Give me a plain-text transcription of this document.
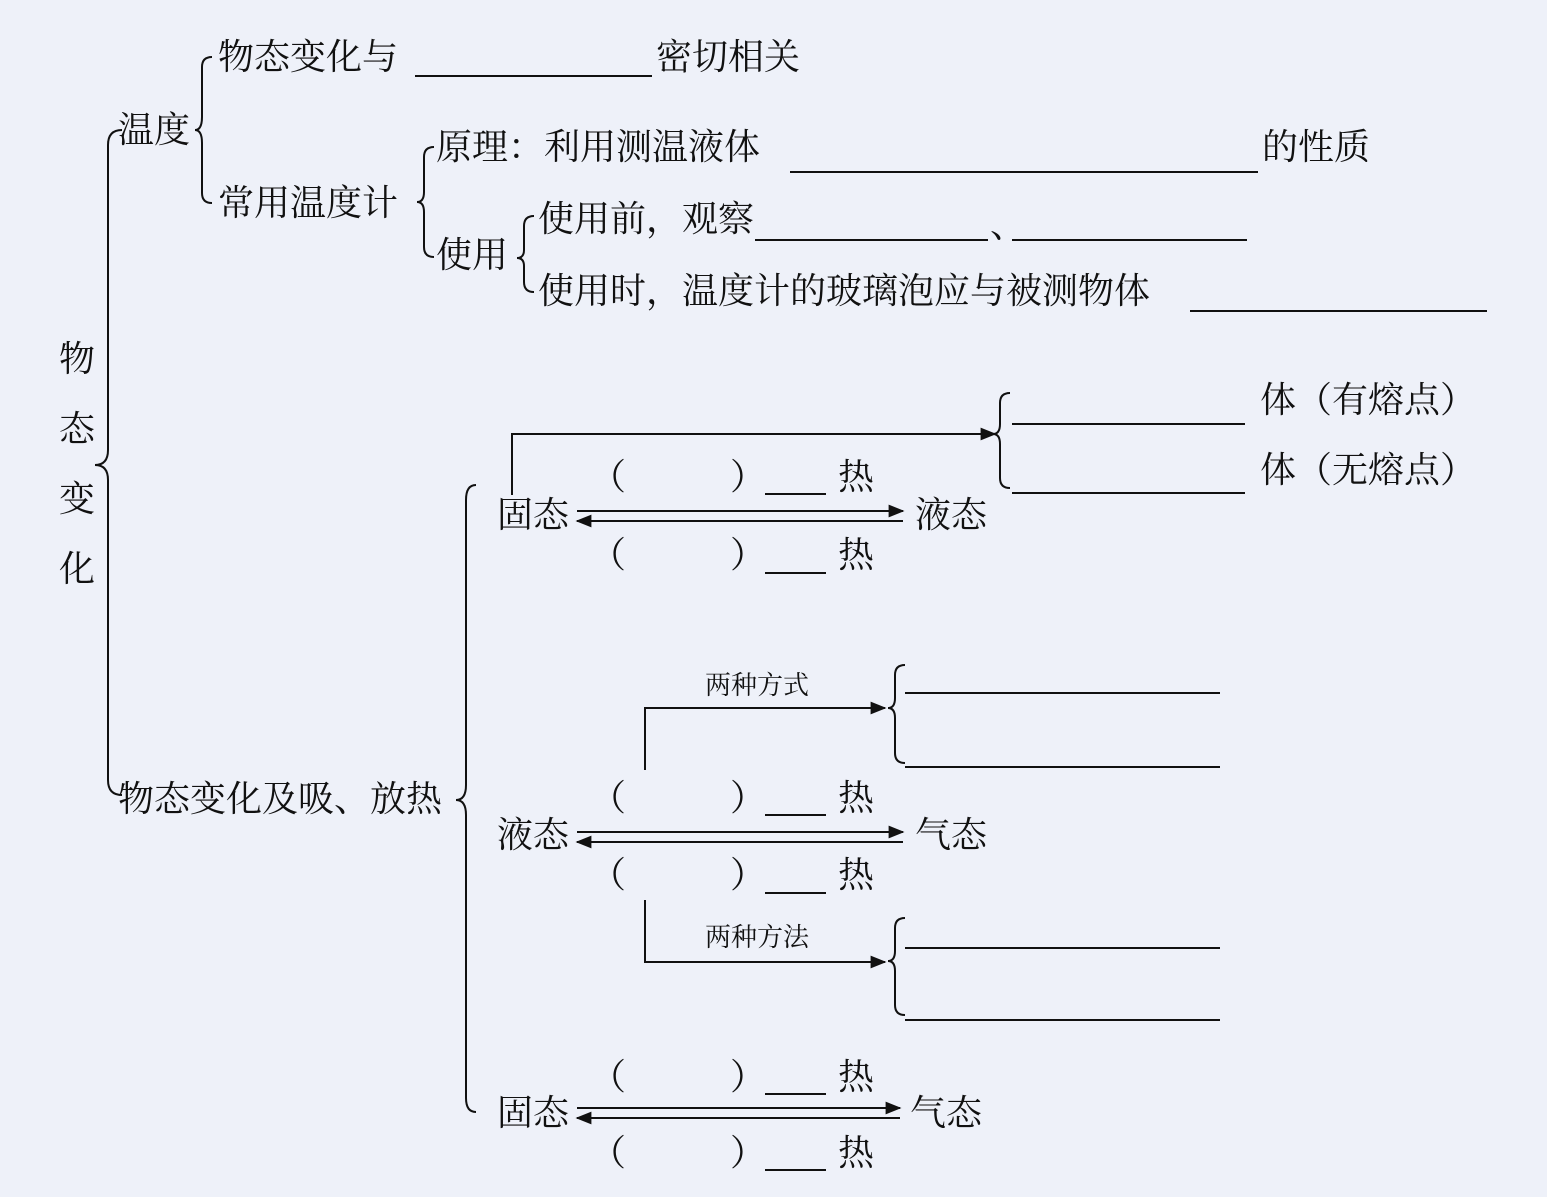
物态变化
温度
物态变化与	密切相关
常用温度计
原理：利用测温液体	的性质
使用
使用前，观察	、
使用时，温度计的玻璃泡应与被测物体
物态变化及吸、放热
固态	液态
（	） 热
（	） 热
体（有熔点）
体（无熔点）
液态	气态
两种方式
两种方法
（	） 热
（	） 热
固态	气态
（	） 热
（	） 热
